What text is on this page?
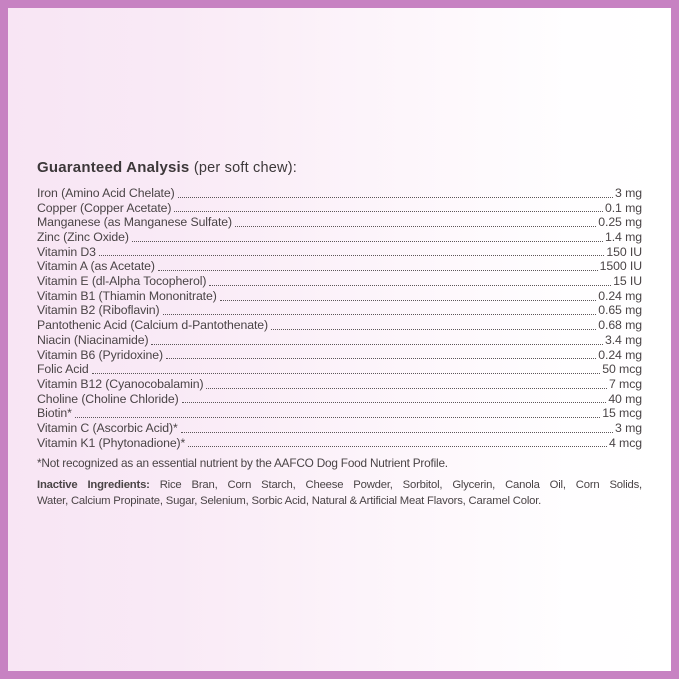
Guaranteed Analysis (per soft chew):
Iron (Amino Acid Chelate)	3 mg
Copper (Copper Acetate)	0.1 mg
Manganese (as Manganese Sulfate)	0.25 mg
Zinc (Zinc Oxide)	1.4 mg
Vitamin D3	150 IU
Vitamin A (as Acetate)	1500 IU
Vitamin E (dl-Alpha Tocopherol)	15 IU
Vitamin B1 (Thiamin Mononitrate)	0.24 mg
Vitamin B2 (Riboflavin)	0.65 mg
Pantothenic Acid (Calcium d-Pantothenate)	0.68 mg
Niacin (Niacinamide)	3.4 mg
Vitamin B6 (Pyridoxine)	0.24 mg
Folic Acid	50 mcg
Vitamin B12 (Cyanocobalamin)	7 mcg
Choline (Choline Chloride)	40 mg
Biotin*	15 mcg
Vitamin C (Ascorbic Acid)*	3 mg
Vitamin K1 (Phytonadione)*	4 mcg
*Not recognized as an essential nutrient by the AAFCO Dog Food Nutrient Profile.
Inactive Ingredients: Rice Bran, Corn Starch, Cheese Powder, Sorbitol, Glycerin, Canola Oil, Corn Solids,
Water, Calcium Propinate, Sugar, Selenium, Sorbic Acid, Natural & Artificial Meat Flavors, Caramel Color.
